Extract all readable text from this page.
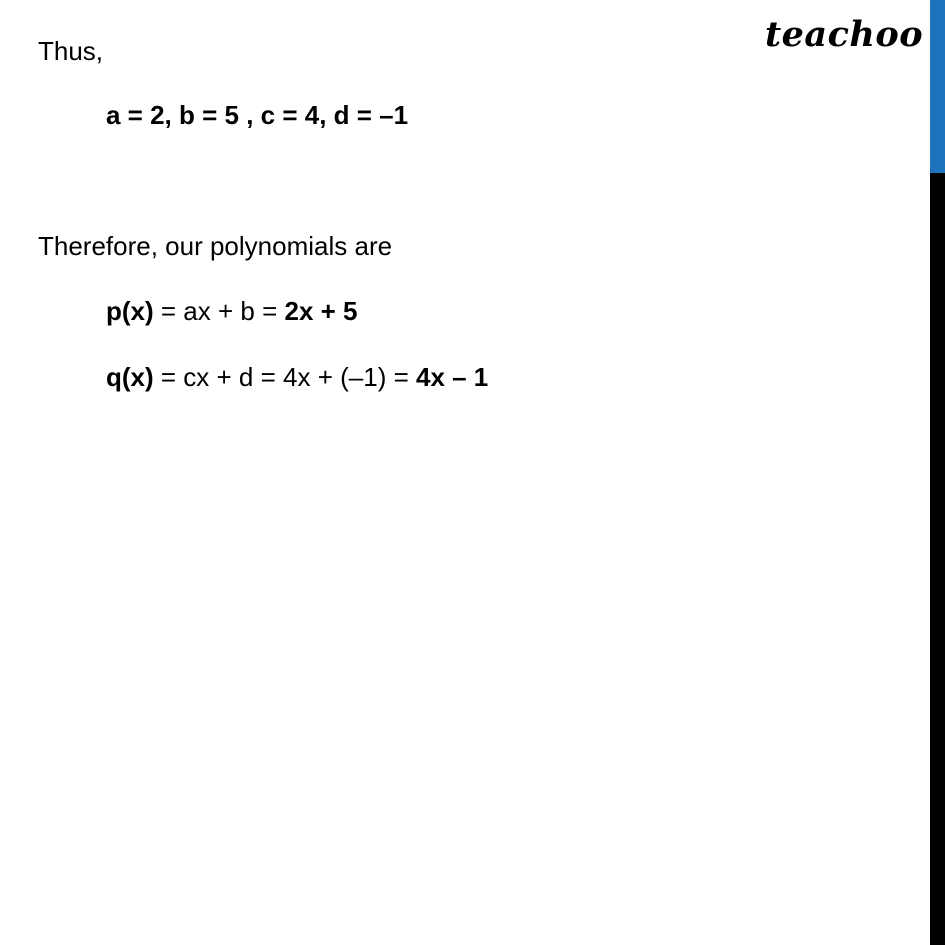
teachoo
Thus,
a = 2, b = 5 , c = 4, d = –1
Therefore, our polynomials are
p(x) = ax + b = 2x + 5
q(x) = cx + d = 4x + (–1) = 4x – 1
